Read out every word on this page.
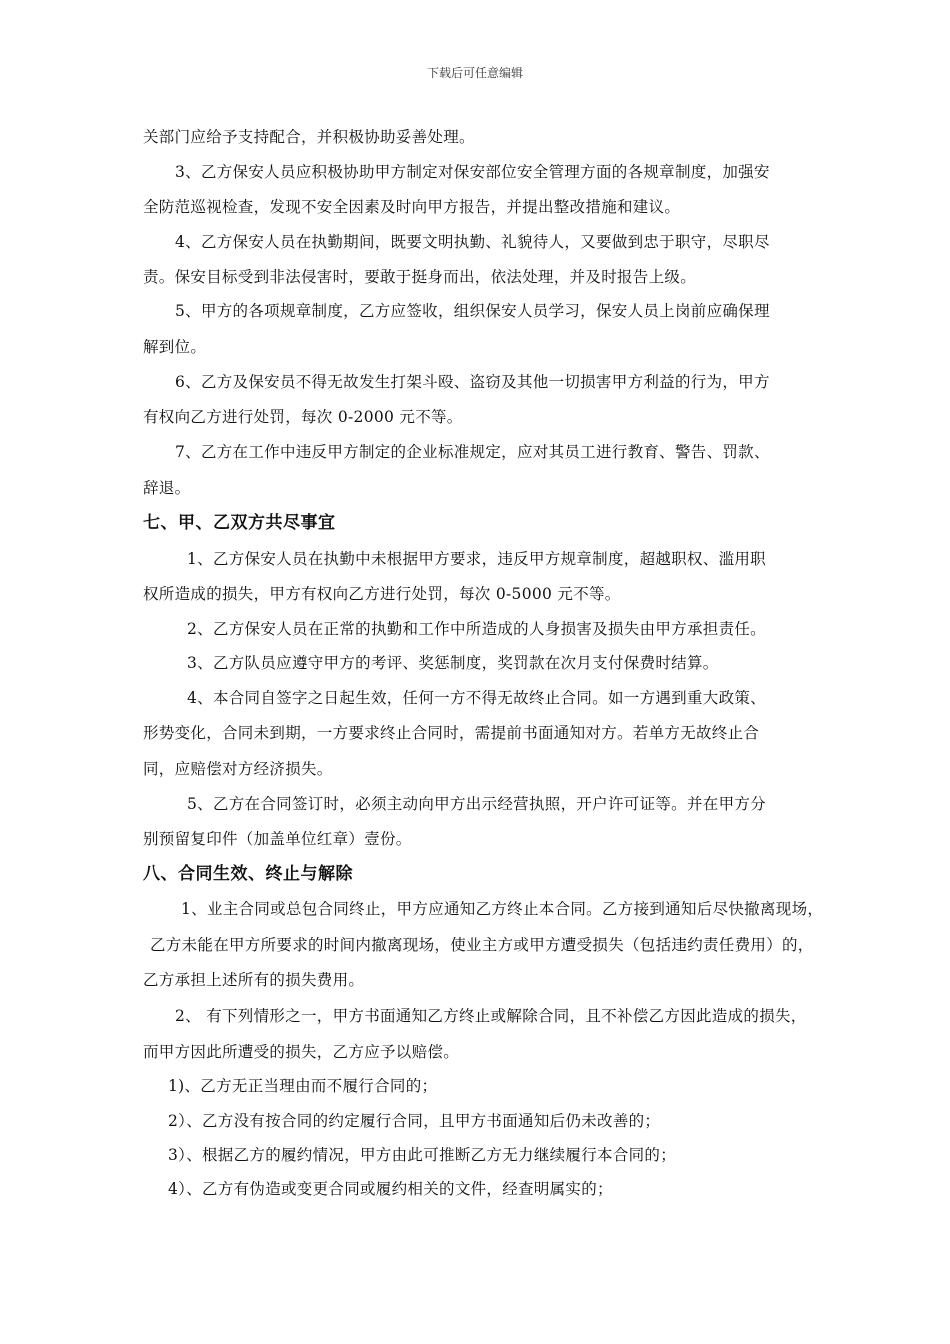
下载后可任意编辑
关部门应给予支持配合，并积极协助妥善处理。
3、乙方保安人员应积极协助甲方制定对保安部位安全管理方面的各规章制度，加强安
全防范巡视检查，发现不安全因素及时向甲方报告，并提出整改措施和建议。
4、乙方保安人员在执勤期间，既要文明执勤、礼貌待人，又要做到忠于职守，尽职尽
责。保安目标受到非法侵害时，要敢于挺身而出，依法处理，并及时报告上级。
5、甲方的各项规章制度，乙方应签收，组织保安人员学习，保安人员上岗前应确保理
解到位。
6、乙方及保安员不得无故发生打架斗殴、盗窃及其他一切损害甲方利益的行为，甲方
有权向乙方进行处罚，每次 0-2000 元不等。
7、乙方在工作中违反甲方制定的企业标准规定，应对其员工进行教育、警告、罚款、
辞退。
七、甲、乙双方共尽事宜
1、乙方保安人员在执勤中未根据甲方要求，违反甲方规章制度，超越职权、滥用职
权所造成的损失，甲方有权向乙方进行处罚，每次 0-5000 元不等。
2、乙方保安人员在正常的执勤和工作中所造成的人身损害及损失由甲方承担责任。
3、乙方队员应遵守甲方的考评、奖惩制度，奖罚款在次月支付保费时结算。
4、本合同自签字之日起生效，任何一方不得无故终止合同。如一方遇到重大政策、
形势变化，合同未到期，一方要求终止合同时，需提前书面通知对方。若单方无故终止合
同，应赔偿对方经济损失。
5、乙方在合同签订时，必须主动向甲方出示经营执照，开户许可证等。并在甲方分
别预留复印件（加盖单位红章）壹份。
八、合同生效、终止与解除
1、业主合同或总包合同终止，甲方应通知乙方终止本合同。乙方接到通知后尽快撤离现场，
乙方未能在甲方所要求的时间内撤离现场，使业主方或甲方遭受损失（包括违约责任费用）的，
乙方承担上述所有的损失费用。
2、 有下列情形之一，甲方书面通知乙方终止或解除合同，且不补偿乙方因此造成的损失，
而甲方因此所遭受的损失，乙方应予以赔偿。
1)、乙方无正当理由而不履行合同的；
2）、乙方没有按合同的约定履行合同，且甲方书面通知后仍未改善的；
3）、根据乙方的履约情况，甲方由此可推断乙方无力继续履行本合同的；
4）、乙方有伪造或变更合同或履约相关的文件，经查明属实的；
